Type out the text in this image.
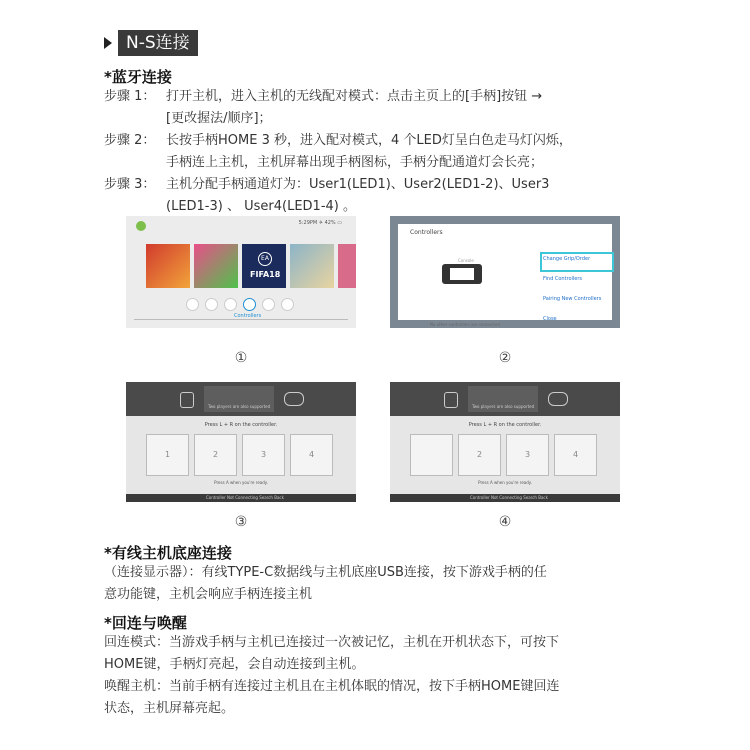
N-S连接
*蓝牙连接
步骤 1： 打开主机，进入主机的无线配对模式：点击主页上的[手柄]按钮 →
[更改握法/顺序]；
步骤 2： 长按手柄HOME 3 秒，进入配对模式，4 个LED灯呈白色走马灯闪烁，
手柄连上主机，主机屏幕出现手柄图标，手柄分配通道灯会长亮；
步骤 3： 主机分配手柄通道灯为：User1(LED1)、User2(LED1-2)、User3
(LED1-3) 、 User4(LED1-4) 。
5:29PM ✈ 42% ▭
EA
FIFA18
Controllers
Controllers
Console	Change Grip/Order
Find Controllers
Pairing New Controllers
Close
No other controllers are connected.
①	②
Two players are also supported
Press L + R on the controller.
1	2	3	4
Press A when you're ready.
Controller Not Connecting Search Back
Two players are also supported
Press L + R on the controller.
2	3	4
Press A when you're ready.
Controller Not Connecting Search Back
③	④
*有线主机底座连接
（连接显示器）：有线TYPE-C数据线与主机底座USB连接，按下游戏手柄的任
意功能键，主机会响应手柄连接主机
*回连与唤醒
回连模式：当游戏手柄与主机已连接过一次被记忆，主机在开机状态下，可按下
HOME键，手柄灯亮起，会自动连接到主机。
唤醒主机：当前手柄有连接过主机且在主机体眠的情况，按下手柄HOME键回连
状态，主机屏幕亮起。
